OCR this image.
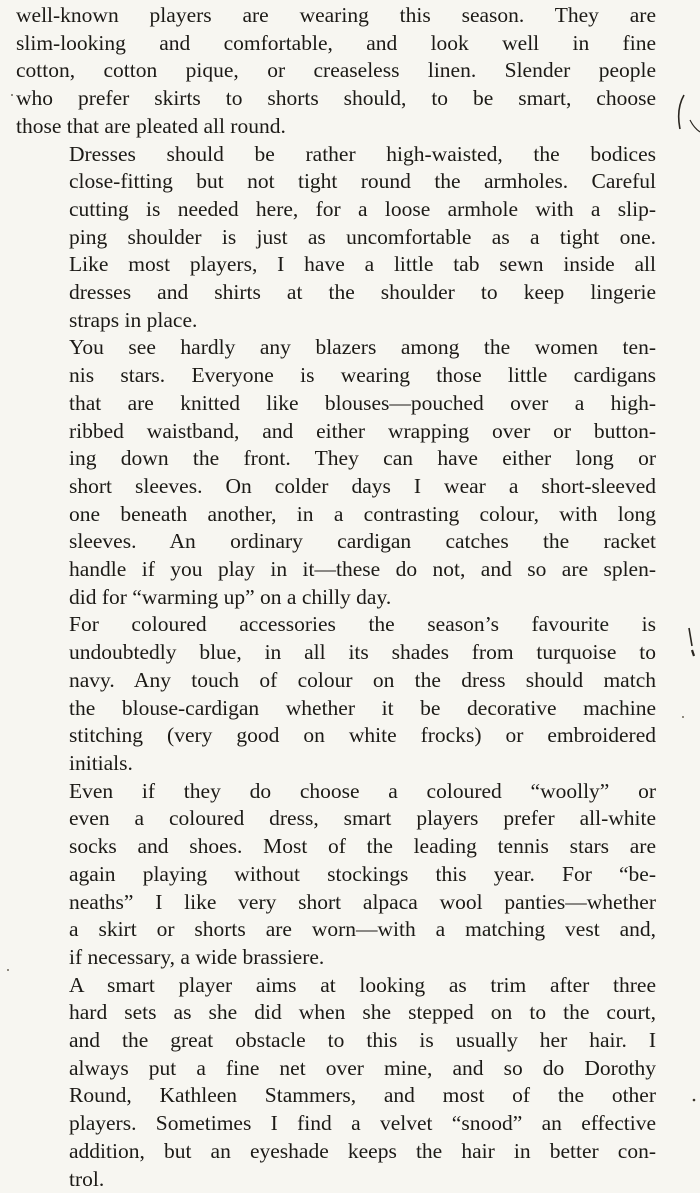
well-known players are wearing this season. They are
slim-looking and comfortable, and look well in fine
cotton, cotton pique, or creaseless linen. Slender people
who prefer skirts to shorts should, to be smart, choose
those that are pleated all round.

Dresses should be rather high-waisted, the bodices
close-fitting but not tight round the armholes. Careful
cutting is needed here, for a loose armhole with a slip-
ping shoulder is just as uncomfortable as a tight one.
Like most players, I have a little tab sewn inside all
dresses and shirts at the shoulder to keep lingerie
straps in place.

You see hardly any blazers among the women ten-
nis stars. Everyone is wearing those little cardigans
that are knitted like blouses—pouched over a high-
ribbed waistband, and either wrapping over or button-
ing down the front. They can have either long or
short sleeves. On colder days I wear a short-sleeved
one beneath another, in a contrasting colour, with long
sleeves. An ordinary cardigan catches the racket
handle if you play in it—these do not, and so are splen-
did for “warming up” on a chilly day.

For coloured accessories the season’s favourite is
undoubtedly blue, in all its shades from turquoise to
navy. Any touch of colour on the dress should match
the blouse-cardigan whether it be decorative machine
stitching (very good on white frocks) or embroidered
initials.

Even if they do choose a coloured “woolly” or
even a coloured dress, smart players prefer all-white
socks and shoes. Most of the leading tennis stars are
again playing without stockings this year. For “be-
neaths” I like very short alpaca wool panties—whether
a skirt or shorts are worn—with a matching vest and,
if necessary, a wide brassiere.

A smart player aims at looking as trim after three
hard sets as she did when she stepped on to the court,
and the great obstacle to this is usually her hair. I
always put a fine net over mine, and so do Dorothy
Round, Kathleen Stammers, and most of the other
players. Sometimes I find a velvet “snood” an effective
addition, but an eyeshade keeps the hair in better con-
trol.
